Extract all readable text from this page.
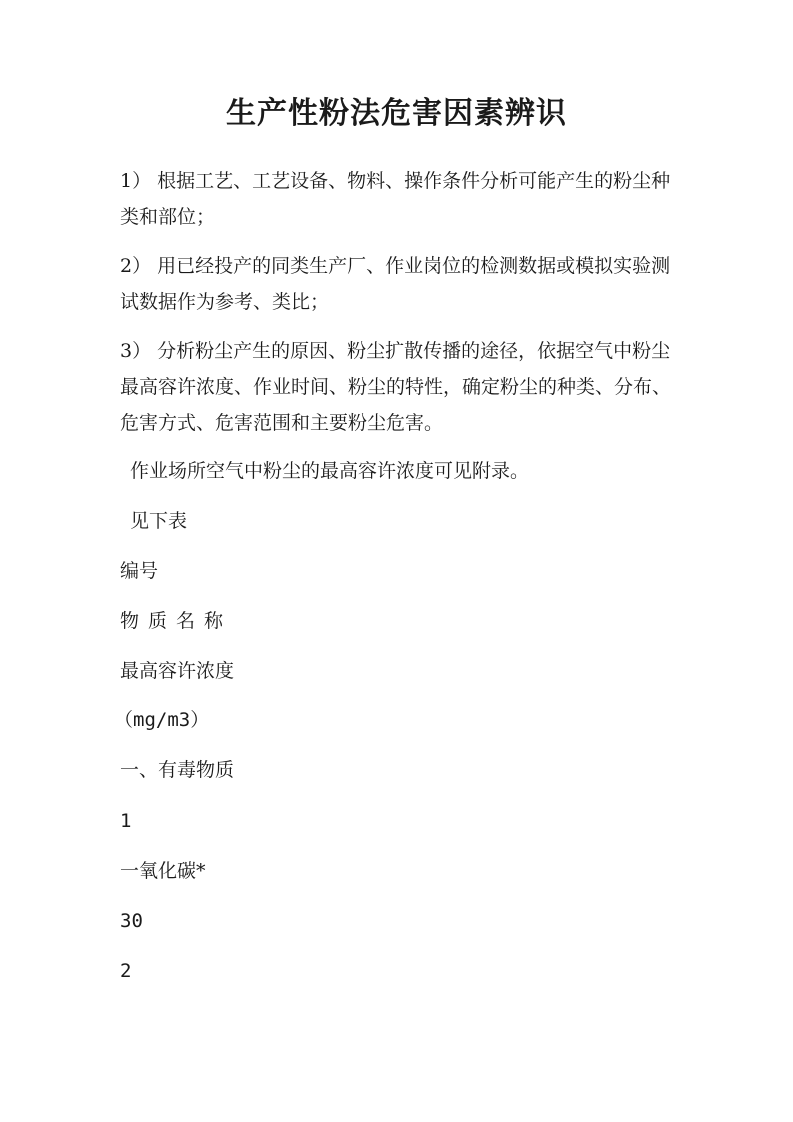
生产性粉法危害因素辨识

1） 根据工艺、工艺设备、物料、操作条件分析可能产生的粉尘种类和部位；

2） 用已经投产的同类生产厂、作业岗位的检测数据或模拟实验测试数据作为参考、类比；

3） 分析粉尘产生的原因、粉尘扩散传播的途径，依据空气中粉尘最高容许浓度、作业时间、粉尘的特性，确定粉尘的种类、分布、危害方式、危害范围和主要粉尘危害。

作业场所空气中粉尘的最高容许浓度可见附录。

见下表

编号

物质名称

最高容许浓度

（mg/m3）

一、有毒物质

1

一氧化碳*

30

2
